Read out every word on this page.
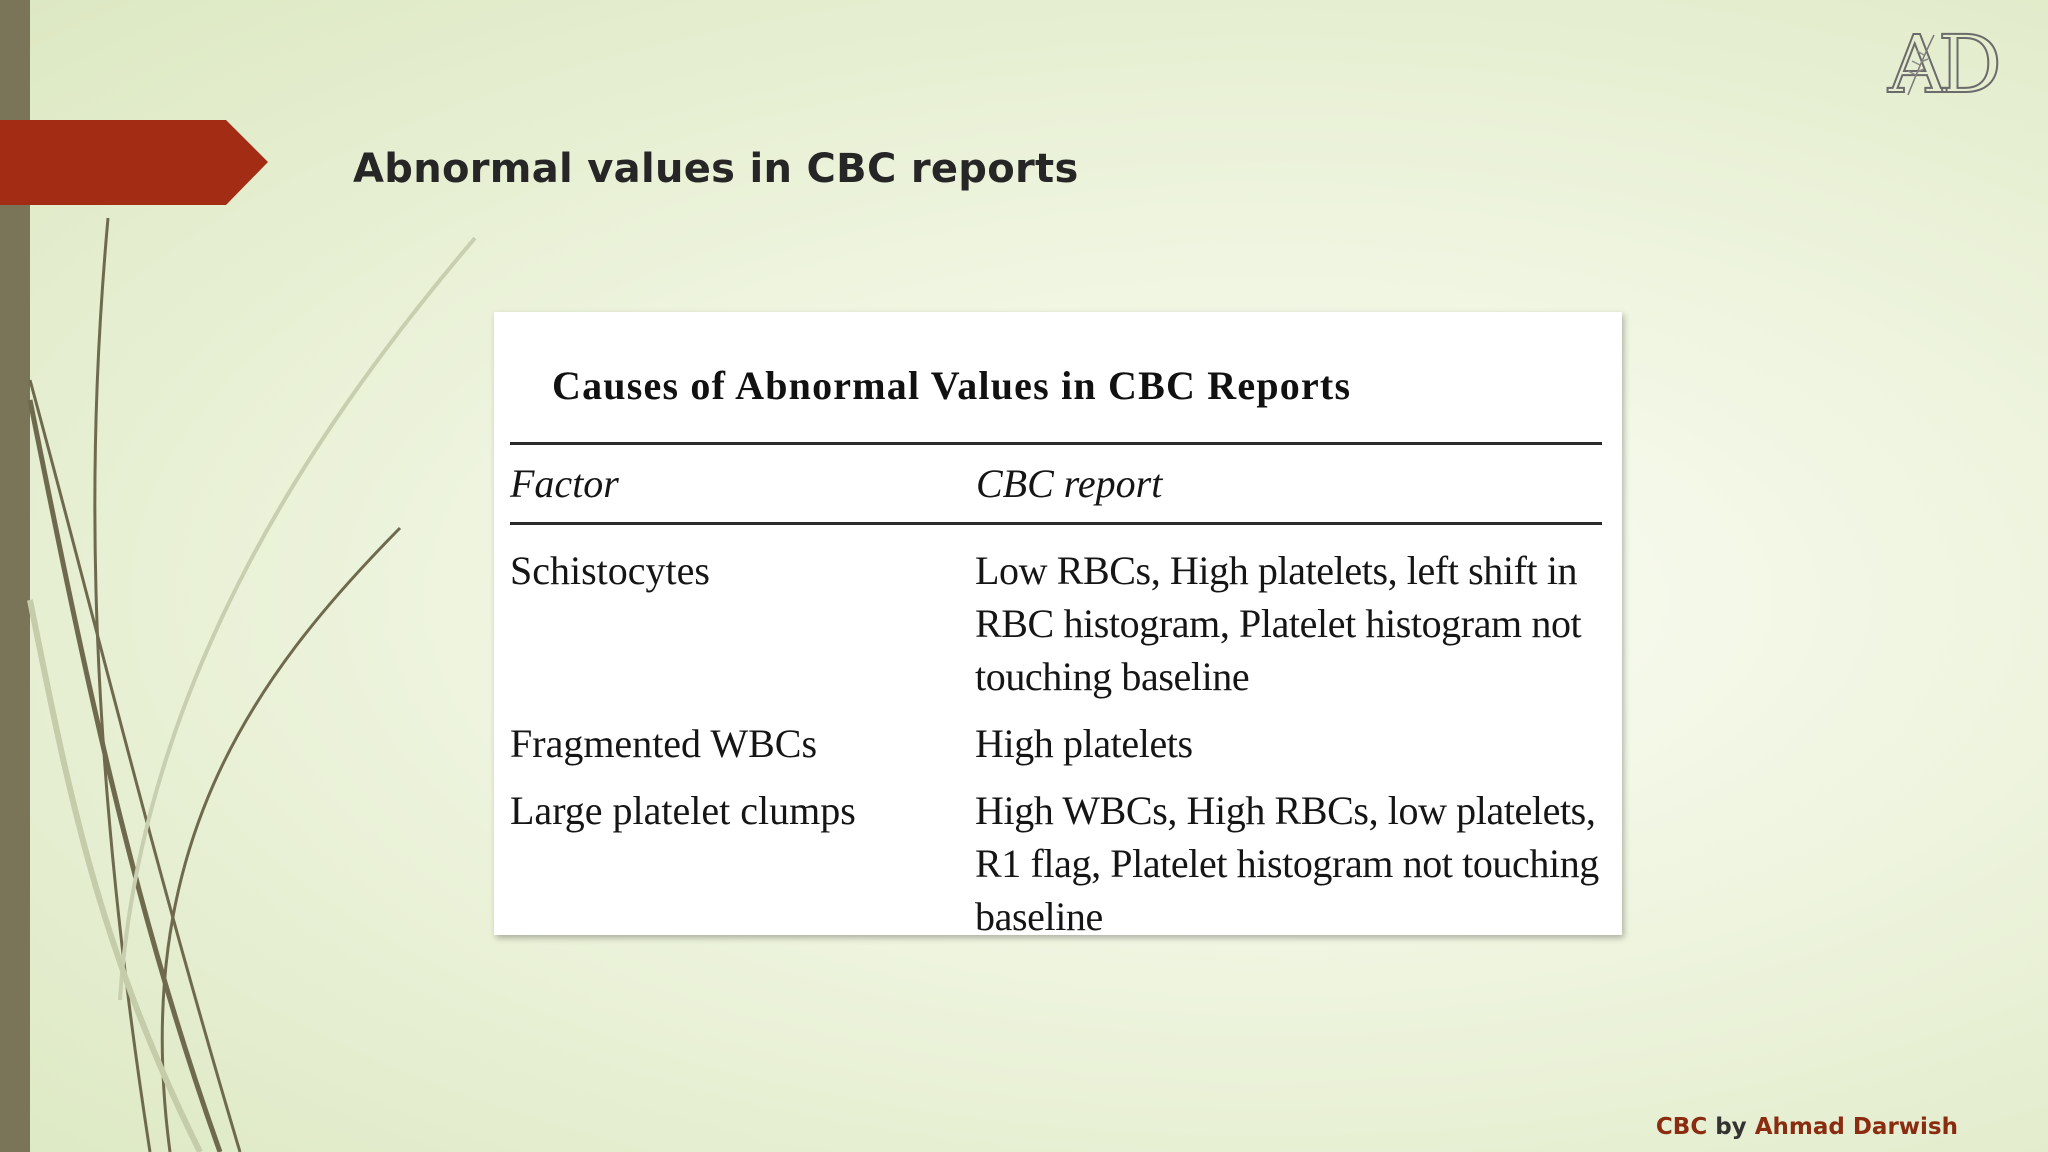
Abnormal values in CBC reports
AD
Causes of Abnormal Values in CBC Reports
Factor	CBC report
Schistocytes	Low RBCs, High platelets, left shift in RBC histogram, Platelet histogram not touching baseline
Fragmented WBCs	High platelets
Large platelet clumps	High WBCs, High RBCs, low platelets, R1 flag, Platelet histogram not touching baseline
CBC by Ahmad Darwish
